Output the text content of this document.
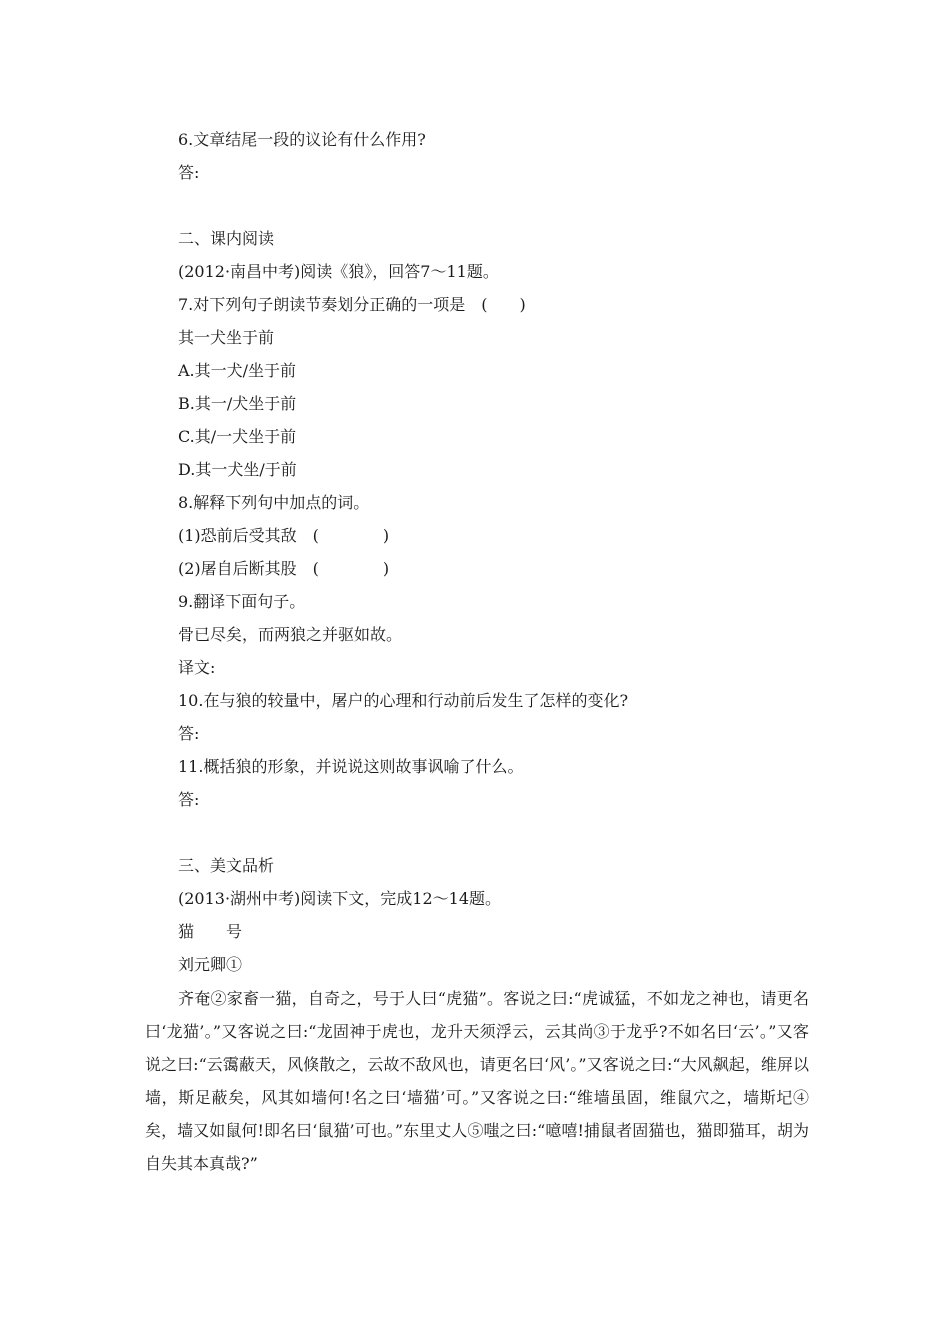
6.文章结尾一段的议论有什么作用?
答:
二、课内阅读
(2012·南昌中考)阅读《狼》，回答7～11题。
7.对下列句子朗读节奏划分正确的一项是　(　　)
其一犬坐于前
A.其一犬/坐于前
B.其一/犬坐于前
C.其/一犬坐于前
D.其一犬坐/于前
8.解释下列句中加点的词。
(1)恐前后受其敌　(　　　　)
(2)屠自后断其股　(　　　　)
9.翻译下面句子。
骨已尽矣，而两狼之并驱如故。
译文:
10.在与狼的较量中，屠户的心理和行动前后发生了怎样的变化?
答:
11.概括狼的形象，并说说这则故事讽喻了什么。
答:
三、美文品析
(2013·湖州中考)阅读下文，完成12～14题。
猫　　号
刘元卿①

齐奄②家畜一猫，自奇之，号于人曰“虎猫”。客说之曰:“虎诚猛，不如龙之神也，请更名曰‘龙猫’。”又客说之曰:“龙固神于虎也，龙升天须浮云，云其尚③于龙乎?不如名曰‘云’。”又客说之曰:“云霭蔽天，风倏散之，云故不敌风也，请更名曰‘风’。”又客说之曰:“大风飙起，维屏以墙，斯足蔽矣，风其如墙何!名之曰‘墙猫’可。”又客说之曰:“维墙虽固，维鼠穴之，墙斯圮④矣，墙又如鼠何!即名曰‘鼠猫’可也。”东里丈人⑤嗤之曰:“噫嘻!捕鼠者固猫也，猫即猫耳，胡为自失其本真哉?”
